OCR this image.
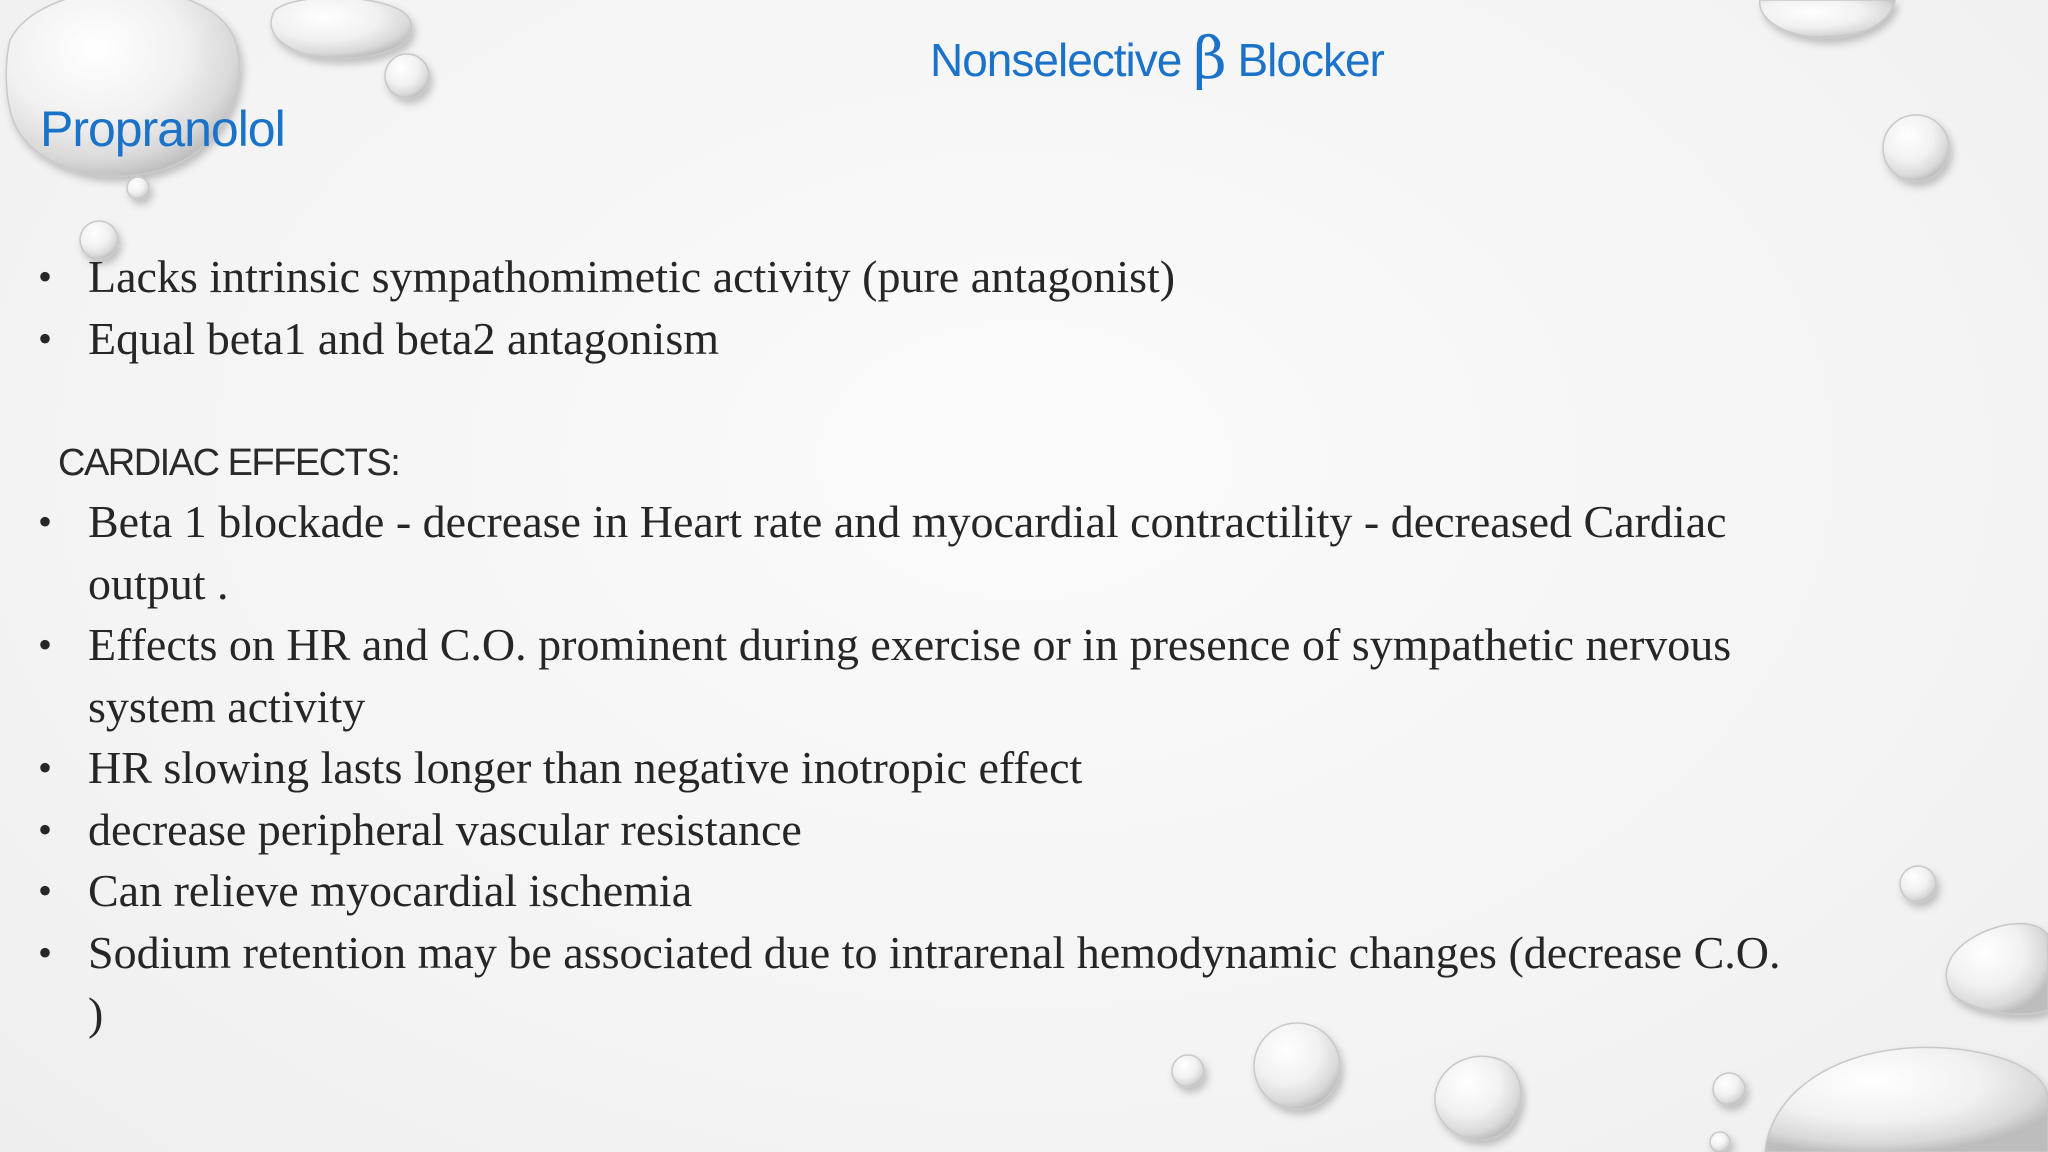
Nonselective β Blocker
Propranolol
• Lacks intrinsic sympathomimetic activity (pure antagonist)
• Equal beta1 and beta2 antagonism
CARDIAC EFFECTS:
• Beta 1 blockade - decrease in Heart rate and myocardial contractility - decreased Cardiac output .
• Effects on HR and C.O. prominent during exercise or in presence of sympathetic nervous system activity
• HR slowing lasts longer than negative inotropic effect
• decrease peripheral vascular resistance
• Can relieve myocardial ischemia
• Sodium retention may be associated due to intrarenal hemodynamic changes (decrease C.O. )
